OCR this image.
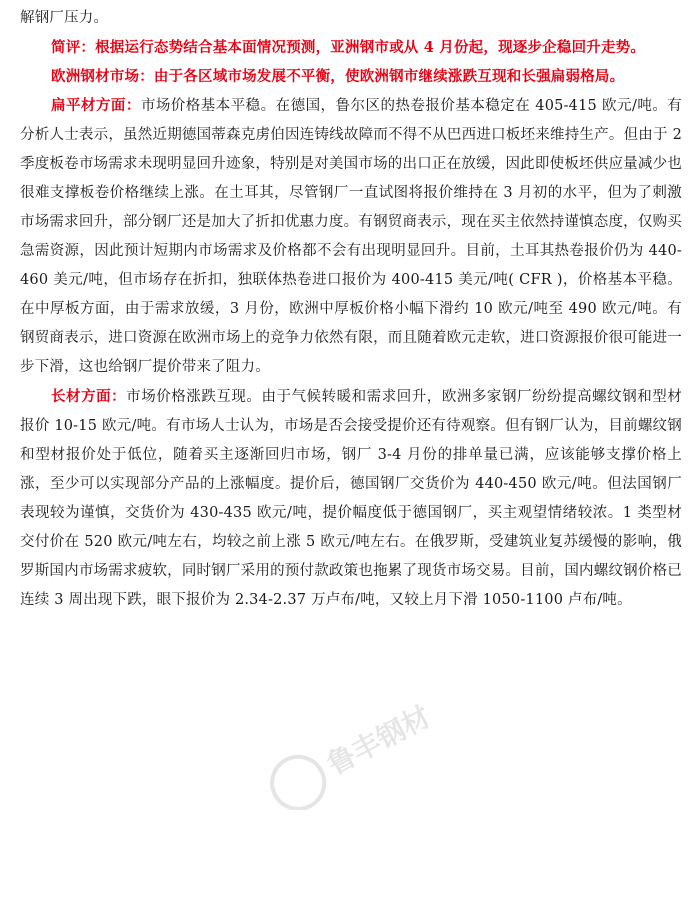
解钢厂压力。

简评：根据运行态势结合基本面情况预测，亚洲钢市或从 4 月份起，现逐步企稳回升走势。

欧洲钢材市场：由于各区域市场发展不平衡，使欧洲钢市继续涨跌互现和长强扁弱格局。

扁平材方面：市场价格基本平稳。在德国，鲁尔区的热卷报价基本稳定在 405-415 欧元/吨。有分析人士表示，虽然近期德国蒂森克虏伯因连铸线故障而不得不从巴西进口板坯来维持生产。但由于 2 季度板卷市场需求未现明显回升迹象，特别是对美国市场的出口正在放缓，因此即使板坯供应量减少也很难支撑板卷价格继续上涨。在土耳其，尽管钢厂一直试图将报价维持在 3 月初的水平，但为了刺激市场需求回升，部分钢厂还是加大了折扣优惠力度。有钢贸商表示，现在买主依然持谨慎态度，仅购买急需资源，因此预计短期内市场需求及价格都不会有出现明显回升。目前，土耳其热卷报价仍为 440-460 美元/吨，但市场存在折扣，独联体热卷进口报价为 400-415 美元/吨( CFR )，价格基本平稳。在中厚板方面，由于需求放缓，3 月份，欧洲中厚板价格小幅下滑约 10 欧元/吨至 490 欧元/吨。有钢贸商表示，进口资源在欧洲市场上的竞争力依然有限，而且随着欧元走软，进口资源报价很可能进一步下滑，这也给钢厂提价带来了阻力。

长材方面：市场价格涨跌互现。由于气候转暖和需求回升，欧洲多家钢厂纷纷提高螺纹钢和型材报价 10-15 欧元/吨。有市场人士认为，市场是否会接受提价还有待观察。但有钢厂认为，目前螺纹钢和型材报价处于低位，随着买主逐渐回归市场，钢厂 3-4 月份的排单量已满，应该能够支撑价格上涨，至少可以实现部分产品的上涨幅度。提价后，德国钢厂交货价为 440-450 欧元/吨。但法国钢厂表现较为谨慎，交货价为 430-435 欧元/吨，提价幅度低于德国钢厂，买主观望情绪较浓。1 类型材交付价在 520 欧元/吨左右，均较之前上涨 5 欧元/吨左右。在俄罗斯，受建筑业复苏缓慢的影响，俄罗斯国内市场需求疲软，同时钢厂采用的预付款政策也拖累了现货市场交易。目前，国内螺纹钢价格已连续 3 周出现下跌，眼下报价为 2.34-2.37 万卢布/吨，又较上月下滑 1050-1100 卢布/吨。

鲁丰钢材
